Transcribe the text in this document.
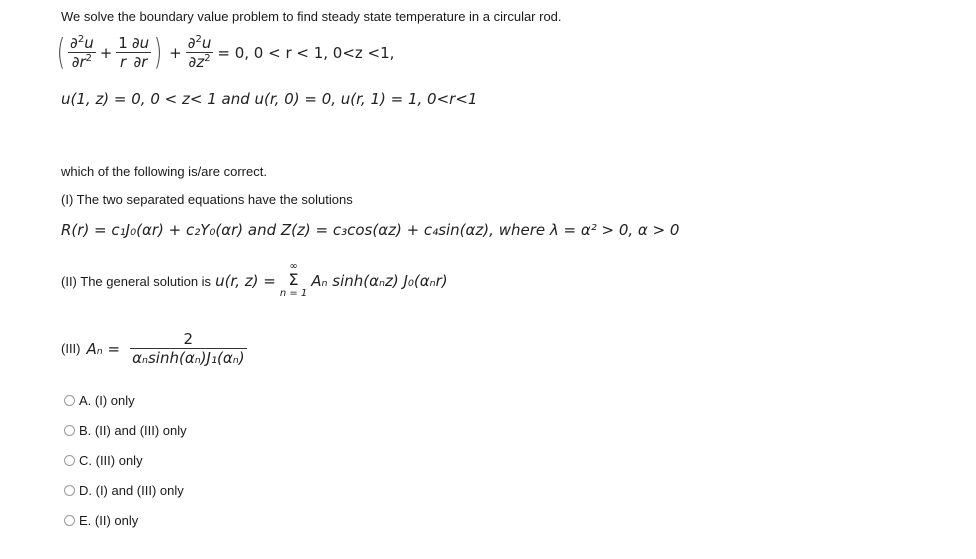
We solve the boundary value problem to find steady state temperature in a circular rod.
( $\frac{\partial^2u}{\partial r^2} + \frac{1}{r} \frac{\partial u}{\partial r}$ ) + $\frac{\partial^2u}{\partial z^2} = 0$, 0 < r < 1, 0<z <1,
u(1, z) = 0, 0 < z< 1 and u(r, 0) = 0, u(r, 1) = 1, 0<r<1
which of the following is/are correct.
(I) The two separated equations have the solutions
R(r) = c₁J₀(αr) + c₂Y₀(αr) and Z(z) = c₃cos(αz) + c₄sin(αz), where λ = α² > 0, α > 0
(II) The general solution is u(r, z) =
∞
Σ
n = 1
Aₙ sinh(αₙz) J₀(αₙr)
(III) $A_n = \frac{2}{\text{αₙsinh(αₙ)J₁(αₙ)}}$
A. (I) only
B. (II) and (III) only
C. (III) only
D. (I) and (III) only
E. (II) only
